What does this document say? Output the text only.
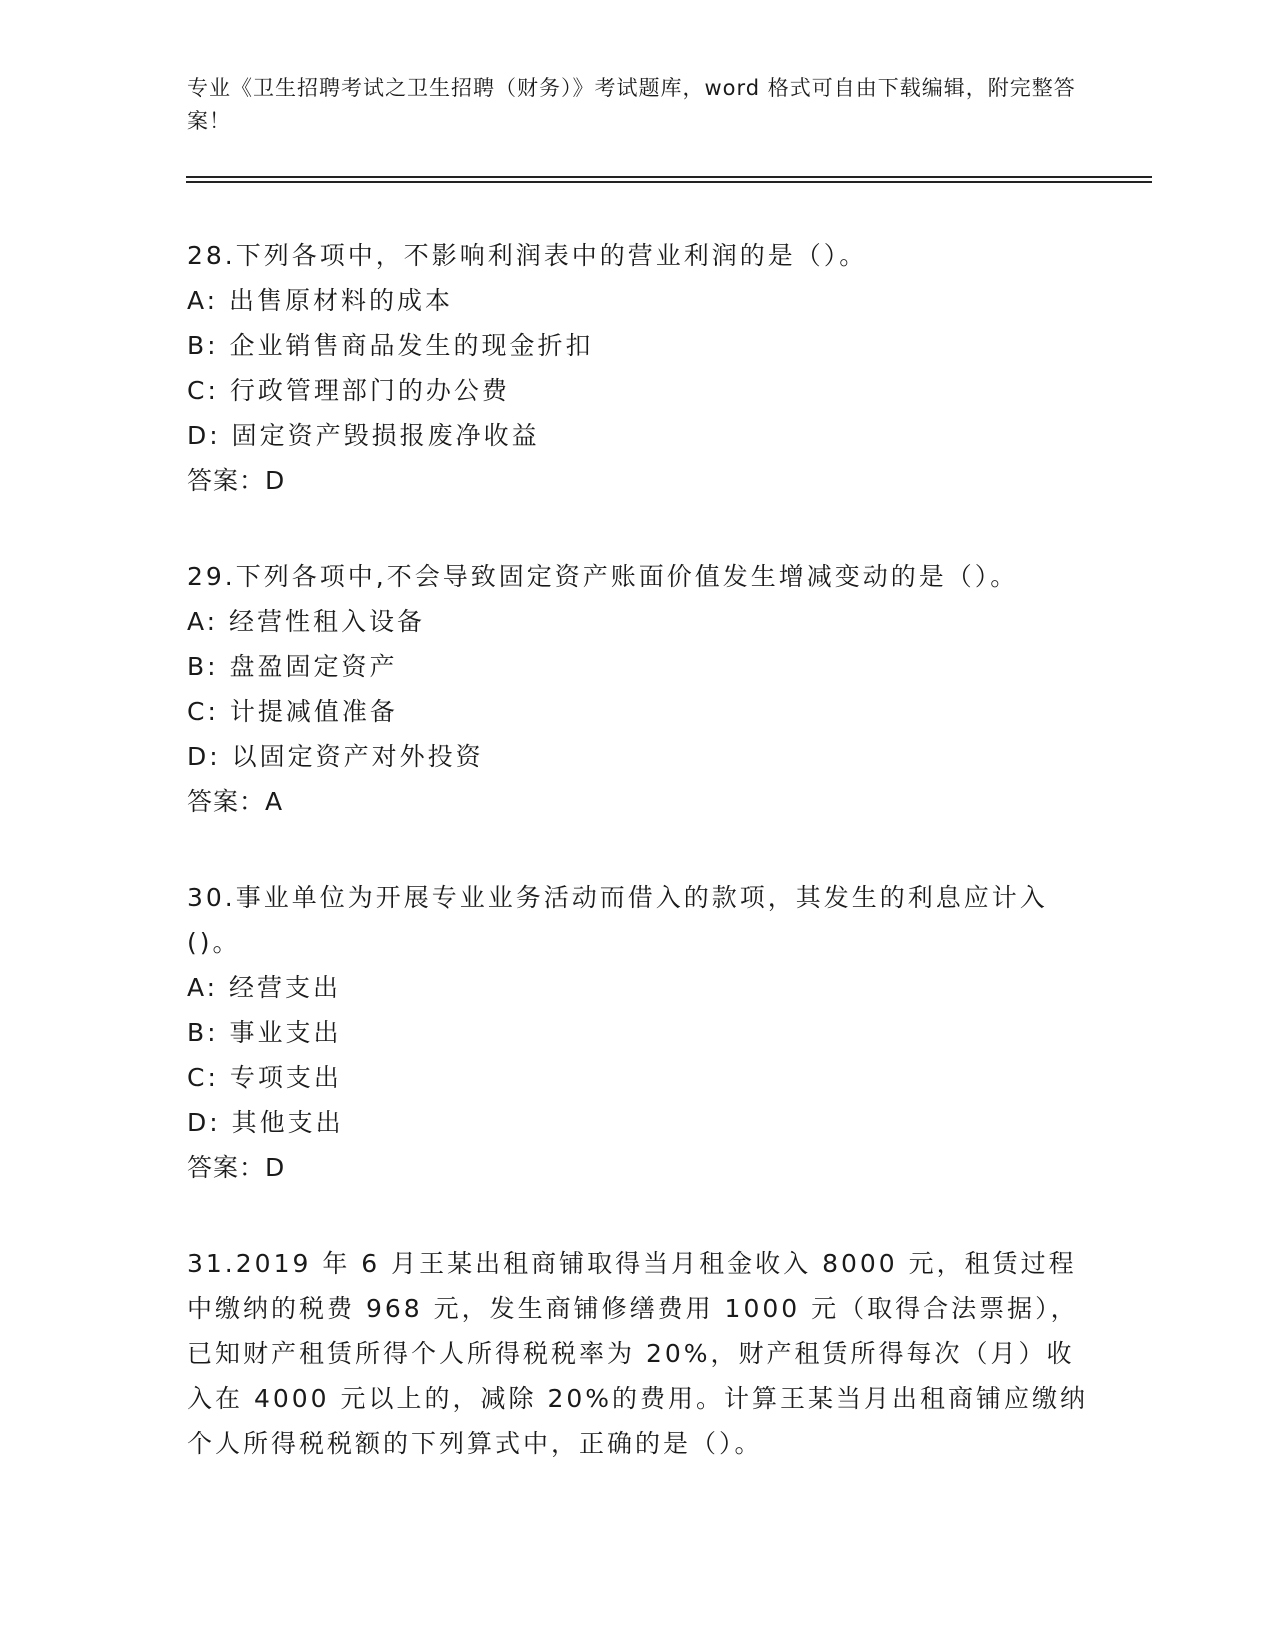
专业《卫生招聘考试之卫生招聘（财务）》考试题库，word 格式可自由下载编辑，附完整答案！
28.下列各项中，不影响利润表中的营业利润的是（）。
A: 出售原材料的成本
B: 企业销售商品发生的现金折扣
C: 行政管理部门的办公费
D: 固定资产毁损报废净收益
答案：D
29.下列各项中,不会导致固定资产账面价值发生增减变动的是（）。
A: 经营性租入设备
B: 盘盈固定资产
C: 计提减值准备
D: 以固定资产对外投资
答案：A
30.事业单位为开展专业业务活动而借入的款项，其发生的利息应计入()。
A: 经营支出
B: 事业支出
C: 专项支出
D: 其他支出
答案：D
31.2019 年 6 月王某出租商铺取得当月租金收入 8000 元，租赁过程中缴纳的税费 968 元，发生商铺修缮费用 1000 元（取得合法票据），已知财产租赁所得个人所得税税率为 20%，财产租赁所得每次（月）收入在 4000 元以上的，减除 20%的费用。计算王某当月出租商铺应缴纳个人所得税税额的下列算式中，正确的是（）。
